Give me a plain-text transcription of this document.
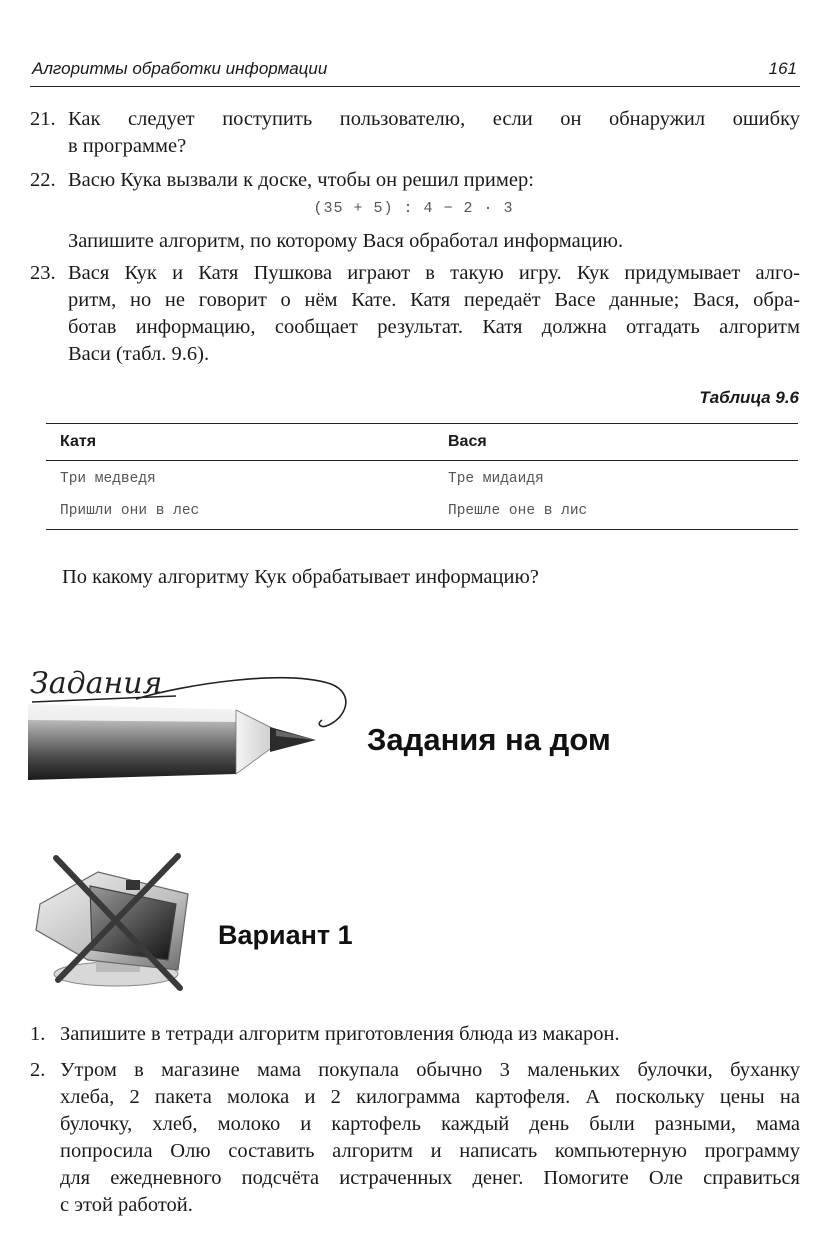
Алгоритмы обработки информации	161
21. Как следует поступить пользователю, если он обнаружил ошибку
в программе?
22. Васю Кука вызвали к доске, чтобы он решил пример:
(35 + 5) : 4 − 2 · 3
Запишите алгоритм, по которому Вася обработал информацию.
23. Вася Кук и Катя Пушкова играют в такую игру. Кук придумывает алго-
ритм, но не говорит о нём Кате. Катя передаёт Васе данные; Вася, обра-
ботав информацию, сообщает результат. Катя должна отгадать алгоритм
Васи (табл. 9.6).
Таблица 9.6
Катя	Вася
Три медведя	Тре мидаидя
Пришли они в лес	Прешле оне в лис
По какому алгоритму Кук обрабатывает информацию?
Задания
Задания на дом
Вариант 1
1. Запишите в тетради алгоритм приготовления блюда из макарон.
2. Утром в магазине мама покупала обычно 3 маленьких булочки, буханку
хлеба, 2 пакета молока и 2 килограмма картофеля. А поскольку цены на
булочку, хлеб, молоко и картофель каждый день были разными, мама
попросила Олю составить алгоритм и написать компьютерную программу
для ежедневного подсчёта истраченных денег. Помогите Оле справиться
с этой работой.
